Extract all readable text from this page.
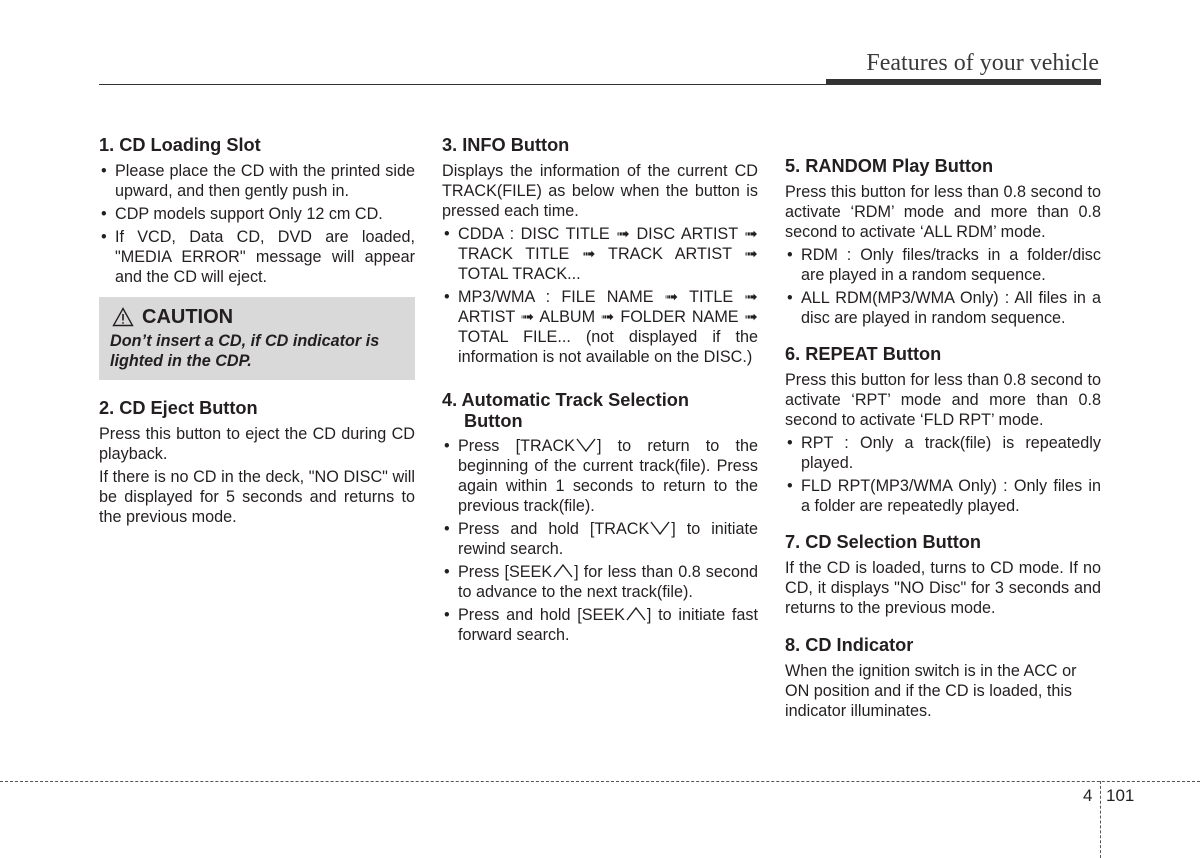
Features of your vehicle
1. CD Loading Slot
• Please place the CD with the printed side upward, and then gently push in.
• CDP models support Only 12 cm CD.
• If VCD, Data CD, DVD are loaded, "MEDIA ERROR" message will appear and the CD will eject.
CAUTION
Don’t insert a CD, if CD indicator is lighted in the CDP.
2. CD Eject Button

Press this button to eject the CD during CD playback.

If there is no CD in the deck, "NO DISC" will be displayed for 5 seconds and returns to the previous mode.

3. INFO Button

Displays the information of the current CD TRACK(FILE) as below when the button is pressed each time.

• CDDA : DISC TITLE ➟ DISC ARTIST ➟ TRACK TITLE ➟ TRACK ARTIST ➟ TOTAL TRACK...
• MP3/WMA : FILE NAME ➟ TITLE ➟ ARTIST ➟ ALBUM ➟ FOLDER NAME ➟ TOTAL FILE... (not displayed if the information is not available on the DISC.)
4. Automatic Track Selection
Button
• Press [TRACK ] to return to the beginning of the current track(file). Press again within 1 seconds to return to the previous track(file).
• Press and hold [TRACK ] to initiate rewind search.
• Press [SEEK ] for less than 0.8 second to advance to the next track(file).
• Press and hold [SEEK ] to initiate fast forward search.
5. RANDOM Play Button

Press this button for less than 0.8 second to activate ‘RDM’ mode and more than 0.8 second to activate ‘ALL RDM’ mode.

• RDM : Only files/tracks in a folder/disc are played in a random sequence.
• ALL RDM(MP3/WMA Only) : All files in a disc are played in random sequence.
6. REPEAT Button

Press this button for less than 0.8 second to activate ‘RPT’ mode and more than 0.8 second to activate ‘FLD RPT’ mode.

• RPT : Only a track(file) is repeatedly played.
• FLD RPT(MP3/WMA Only) : Only files in a folder are repeatedly played.
7. CD Selection Button

If the CD is loaded, turns to CD mode. If no CD, it displays "NO Disc" for 3 seconds and returns to the previous mode.

8. CD Indicator

When the ignition switch is in the ACC or ON position and if the CD is loaded, this indicator illuminates.

4 101
